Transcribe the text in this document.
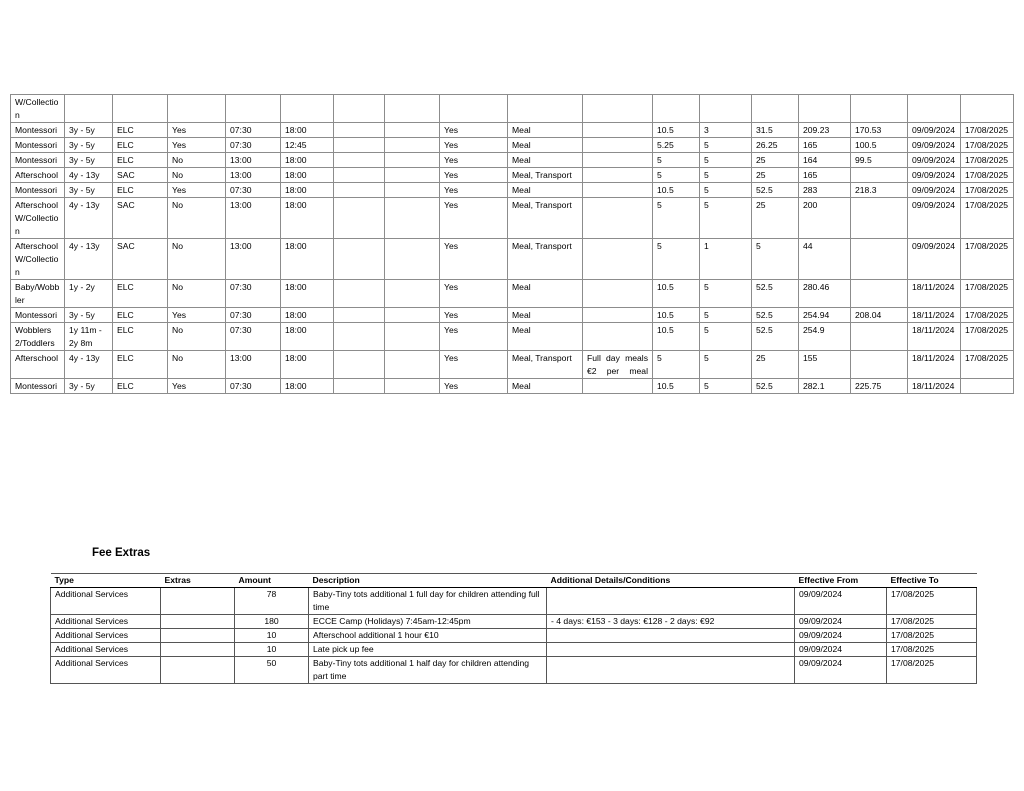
W/Collection																	
Montessori	3y - 5y	ELC	Yes	07:30	18:00			Yes	Meal		10.5	3	31.5	209.23	170.53	09/09/2024	17/08/2025
Montessori	3y - 5y	ELC	Yes	07:30	12:45			Yes	Meal		5.25	5	26.25	165	100.5	09/09/2024	17/08/2025
Montessori	3y - 5y	ELC	No	13:00	18:00			Yes	Meal		5	5	25	164	99.5	09/09/2024	17/08/2025
Afterschool	4y - 13y	SAC	No	13:00	18:00			Yes	Meal, Transport		5	5	25	165		09/09/2024	17/08/2025
Montessori	3y - 5y	ELC	Yes	07:30	18:00			Yes	Meal		10.5	5	52.5	283	218.3	09/09/2024	17/08/2025
Afterschool W/Collection	4y - 13y	SAC	No	13:00	18:00			Yes	Meal, Transport		5	5	25	200		09/09/2024	17/08/2025
Afterschool W/Collection	4y - 13y	SAC	No	13:00	18:00			Yes	Meal, Transport		5	1	5	44		09/09/2024	17/08/2025
Baby/Wobbler	1y - 2y	ELC	No	07:30	18:00			Yes	Meal		10.5	5	52.5	280.46		18/11/2024	17/08/2025
Montessori	3y - 5y	ELC	Yes	07:30	18:00			Yes	Meal		10.5	5	52.5	254.94	208.04	18/11/2024	17/08/2025
Wobblers 2/Toddlers	1y 11m - 2y 8m	ELC	No	07:30	18:00			Yes	Meal		10.5	5	52.5	254.9		18/11/2024	17/08/2025
Afterschool	4y - 13y	ELC	No	13:00	18:00			Yes	Meal, Transport	Full day meals €2 per meal	5	5	25	155		18/11/2024	17/08/2025
Montessori	3y - 5y	ELC	Yes	07:30	18:00			Yes	Meal		10.5	5	52.5	282.1	225.75	18/11/2024	
Fee Extras
Type	Extras	Amount	Description	Additional Details/Conditions	Effective From	Effective To
Additional Services		78	Baby-Tiny tots additional 1 full day for children attending full time		09/09/2024	17/08/2025
Additional Services		180	ECCE Camp (Holidays) 7:45am-12:45pm	- 4 days: €153 - 3 days: €128 - 2 days: €92	09/09/2024	17/08/2025
Additional Services		10	Afterschool additional 1 hour €10		09/09/2024	17/08/2025
Additional Services		10	Late pick up fee		09/09/2024	17/08/2025
Additional Services		50	Baby-Tiny tots additional 1 half day for children attending part time		09/09/2024	17/08/2025
